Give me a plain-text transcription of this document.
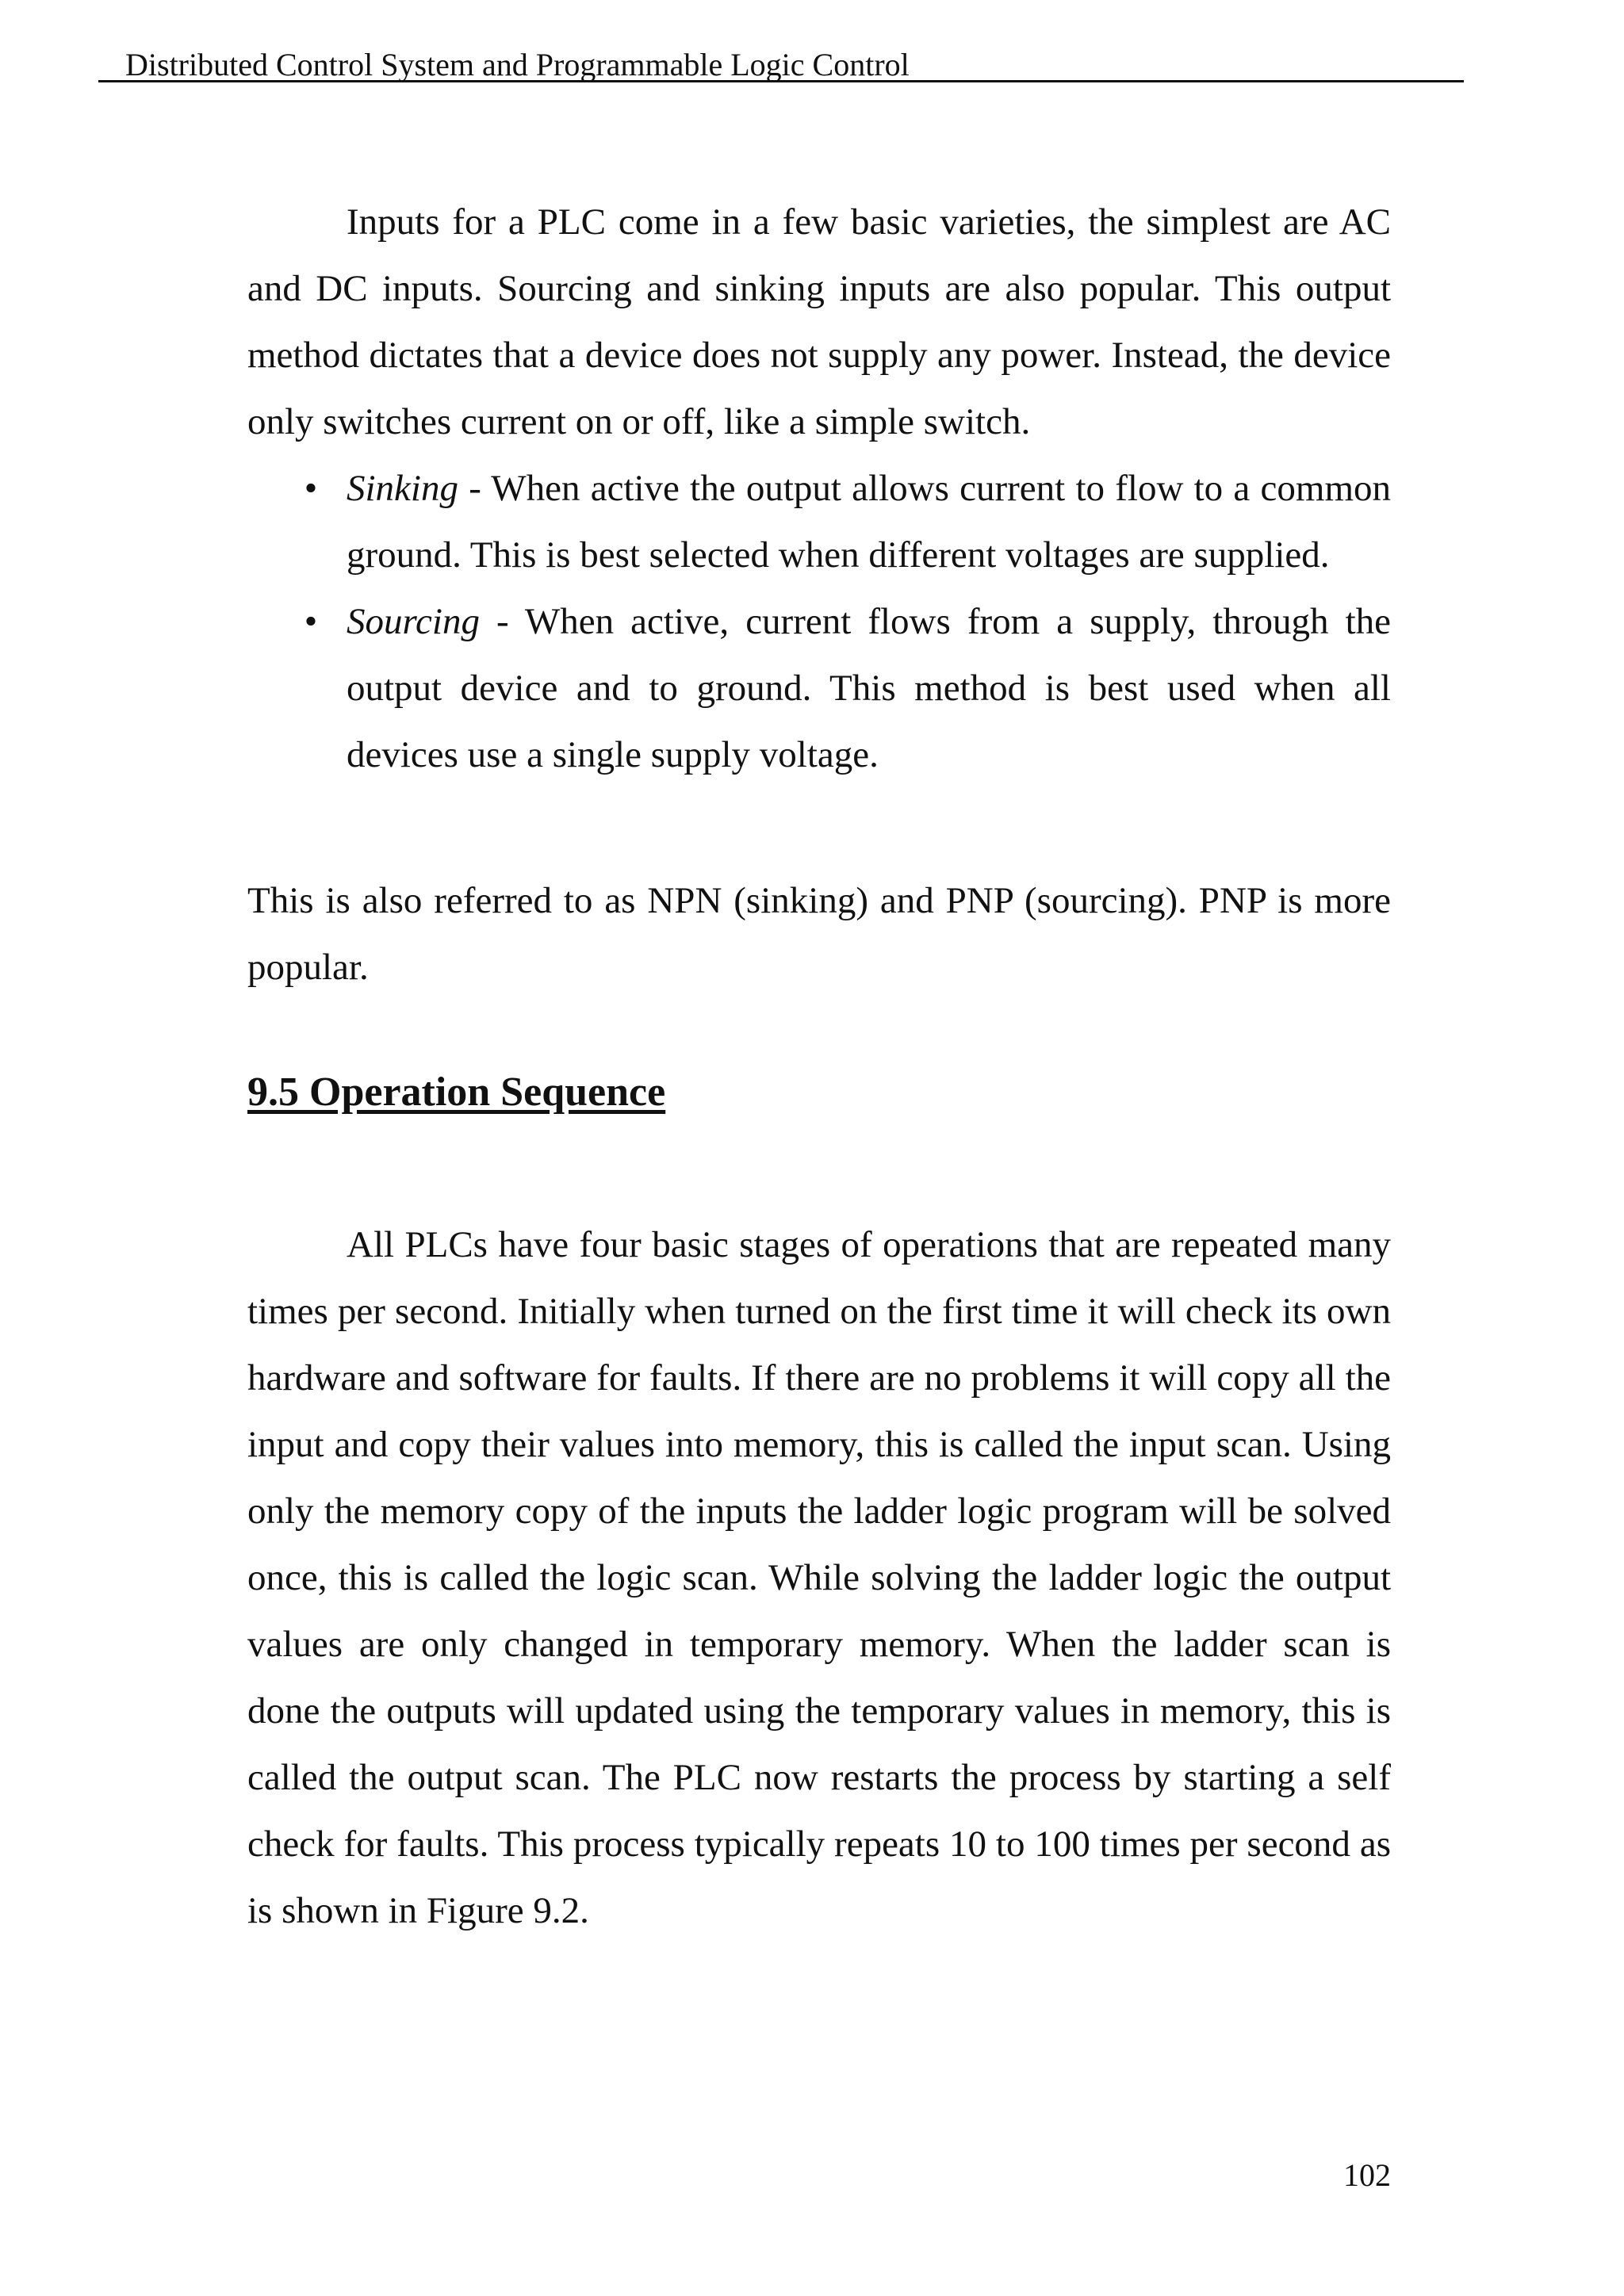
Distributed Control System and Programmable Logic Control

Inputs for a PLC come in a few basic varieties, the simplest are AC and DC inputs. Sourcing and sinking inputs are also popular. This output method dictates that a device does not supply any power. Instead, the device only switches current on or off, like a simple switch.

• Sinking - When active the output allows current to flow to a common ground. This is best selected when different voltages are supplied.
• Sourcing - When active, current flows from a supply, through the output device and to ground. This method is best used when all devices use a single supply voltage.

This is also referred to as NPN (sinking) and PNP (sourcing). PNP is more popular.

9.5 Operation Sequence

All PLCs have four basic stages of operations that are repeated many times per second. Initially when turned on the first time it will check its own hardware and software for faults. If there are no problems it will copy all the input and copy their values into memory, this is called the input scan. Using only the memory copy of the inputs the ladder logic program will be solved once, this is called the logic scan. While solving the ladder logic the output values are only changed in temporary memory. When the ladder scan is done the outputs will updated using the temporary values in memory, this is called the output scan. The PLC now restarts the process by starting a self check for faults. This process typically repeats 10 to 100 times per second as is shown in Figure 9.2.

102
